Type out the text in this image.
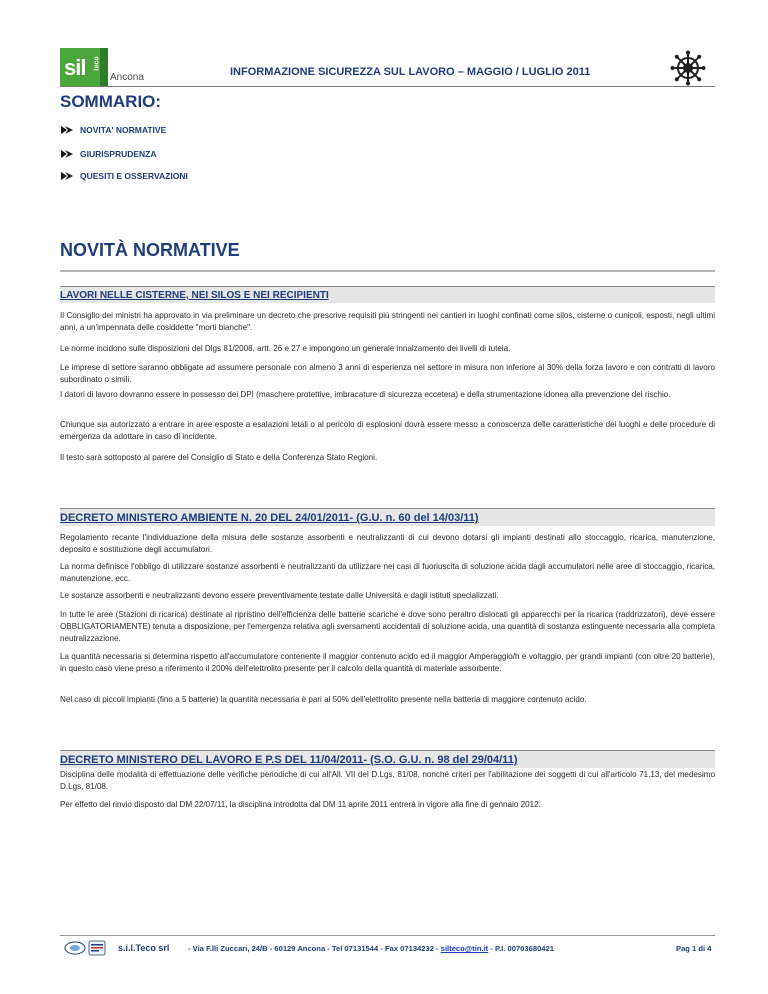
sil teco
Ancona	INFORMAZIONE SICUREZZA SUL LAVORO – MAGGIO / LUGLIO 2011
SOMMARIO:
NOVITA' NORMATIVE
GIURISPRUDENZA
QUESITI E OSSERVAZIONI
NOVITÀ NORMATIVE
LAVORI NELLE CISTERNE, NEI SILOS E NEI RECIPIENTI

Il Consiglio dei ministri ha approvato in via preliminare un decreto che prescrive requisiti più stringenti nei cantieri in luoghi confinati come silos, cisterne o cunicoli, esposti, negli ultimi anni, a un'impennata delle cosiddette "morti bianche".

Le norme incidono sulle disposizioni del Dlgs 81/2008, artt. 26 e 27 e impongono un generale innalzamento dei livelli di tutela.

Le imprese di settore saranno obbligate ad assumere personale con almeno 3 anni di esperienza nel settore in misura non inferiore al 30% della forza lavoro e con contratti di lavoro subordinato o simili.

I datori di lavoro dovranno essere in possesso dei DPI (maschere protettive, imbracature di sicurezza eccetera) e della strumentazione idonea alla prevenzione del rischio.

Chiunque sia autorizzato a entrare in aree esposte a esalazioni letali o al pericolo di esplosioni dovrà essere messo a conoscenza delle caratteristiche dei luoghi e delle procedure di emergenza da adottare in caso di incidente.

Il testo sarà sottoposto al parere del Consiglio di Stato e della Conferenza Stato Regioni.

DECRETO MINISTERO AMBIENTE N. 20 DEL 24/01/2011- (G.U. n. 60 del 14/03/11)

Regolamento recante l'individuazione della misura delle sostanze assorbenti e neutralizzanti di cui devono dotarsi gli impianti destinati allo stoccaggio, ricarica, manutenzione, deposito e sostituzione degli accumulatori.

La norma definisce l'obbligo di utilizzare sostanze assorbenti e neutralizzanti da utilizzare nei casi di fuoriuscita di soluzione acida dagli accumulatori nelle aree di stoccaggio, ricarica, manutenzione, ecc.

Le sostanze assorbenti e neutralizzanti devono essere preventivamente testate dalle Università e dagli istituti specializzati.

In tutte le aree (Stazioni di ricarica) destinate al ripristino dell'efficienza delle batterie scariche e dove sono peraltro dislocati gli apparecchi per la ricarica (raddrizzatori), deve essere OBBLIGATORIAMENTE) tenuta a disposizione, per l'emergenza relativa agli sversamenti accidentali di soluzione acida, una quantità di sostanza estinguente necessaria alla completa neutralizzazione.

La quantità necessaria si determina rispetto all'accumulatore contenente il maggior contenuto acido ed il maggior Amperaggio/h e voltaggio, per grandi impianti (con oltre 20 batterie), in questo caso viene preso a riferimento il 200% dell'elettrolito presente per il calcolo della quantità di materiale assorbente.

Nel caso di piccoli impianti (fino a 5 batterie) la quantità necessaria è pari al 50% dell'elettrolito presente nella batteria di maggiore contenuto acido.

DECRETO MINISTERO DEL LAVORO E P.S DEL 11/04/2011- (S.O. G.U. n. 98 del 29/04/11)

Disciplina delle modalità di effettuazione delle verifiche periodiche di cui all'All. VII del D.Lgs, 81/08, nonché criteri per l'abilitazione dei soggetti di cui all'articolo 71.13, del medesimo D.Lgs, 81/08.

Per effetto del rinvio disposto dal DM 22/07/11, la disciplina introdotta dal DM 11 aprile 2011 entrerà in vigore alla fine di gennaio 2012.

s.i.l.Teco srl - Via F.lli Zuccari, 24/B - 60129 Ancona - Tel 07131544 - Fax 07134232 - silteco@tin.it - P.I. 00703680421	Pag 1 di 4
